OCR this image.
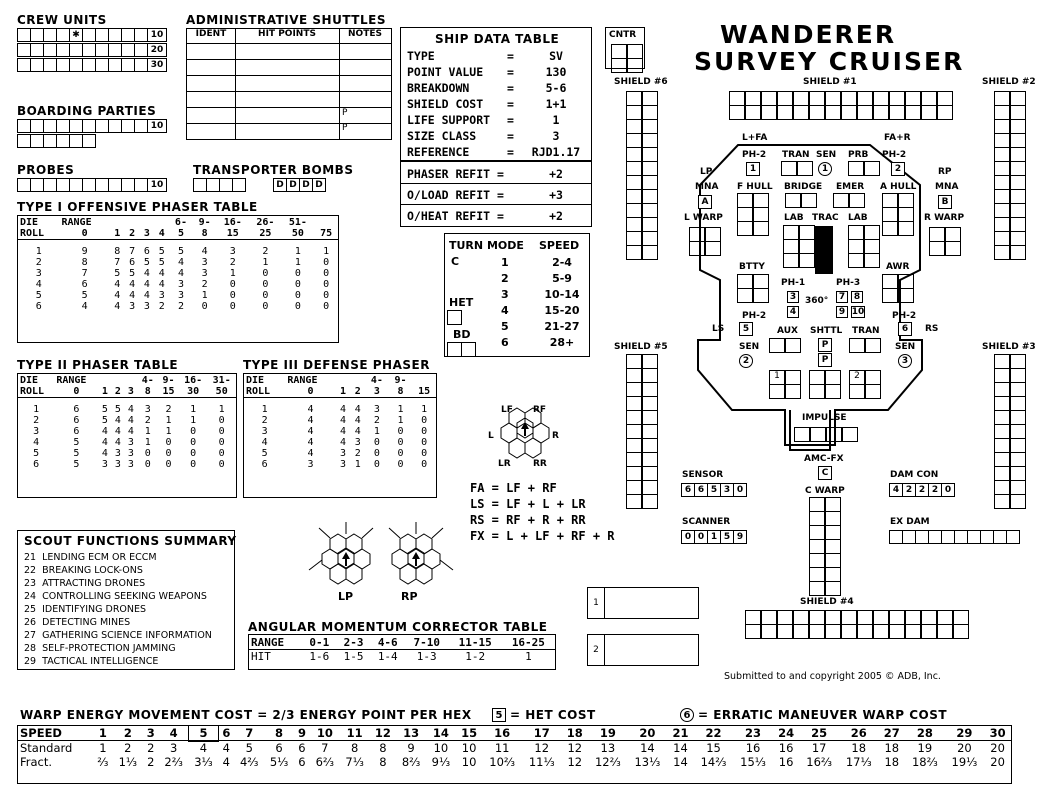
CREW UNITS
✱	10
20
30
BOARDING PARTIES
10
PROBES
10
TRANSPORTER BOMBS
D D D D
ADMINISTRATIVE SHUTTLES
IDENT	HIT POINTS	NOTES
P
P
SHIP DATA TABLE
TYPE	=	SV
POINT VALUE =	130
BREAKDOWN	=	5-6
SHIELD COST =	1+1
LIFE SUPPORT =	1
SIZE CLASS	=	3
REFERENCE	=	RJD1.17
PHASER REFIT =	+2
O/LOAD REFIT =	+3
O/HEAT REFIT =	+2
CNTR	WANDERER
SURVEY CRUISER
TYPE I OFFENSIVE PHASER TABLE
DIE	RANGE					6-	9-	16-	26-	51-	
ROLL	0	1	2	3	4	5	8	15	25	50	75

1	9	8	7	6	5	5	4	3	2	1	1
2	8	7	6	5	5	4	3	2	1	1	0
3	7	5	5	4	4	4	3	1	0	0	0
4	6	4	4	4	4	3	2	0	0	0	0
5	5	4	4	4	3	3	1	0	0	0	0
6	4	4	3	3	2	2	0	0	0	0	0
TYPE II PHASER TABLE
DIE	RANGE				4-	9-	16-	31-
ROLL	0	1	2	3	8	15	30	50

1	6	5	5	4	3	2	1	1
2	6	5	4	4	2	1	1	0
3	6	4	4	4	1	1	0	0
4	5	4	4	3	1	0	0	0
5	5	4	3	3	0	0	0	0
6	5	3	3	3	0	0	0	0
TYPE III DEFENSE PHASER
DIE	RANGE			4-	9-	
ROLL	0	1	2	3	8	15

1	4	4	4	3	1	1
2	4	4	4	2	1	0
3	4	4	4	1	0	0
4	4	4	3	0	0	0
5	4	3	2	0	0	0
6	3	3	1	0	0	0
TURN MODE SPEED
C
HET
BD
1	2-4
2	5-9
3	10-14
4	15-20
5	21-27
6	28+
LF RF
L	R
LR RR
FA = LF + RF
LS = LF + L + LR
RS = RF + R + RR
FX = L + LF + RF + R
LP	RP
SCOUT FUNCTIONS SUMMARY
21  LENDING ECM OR ECCM
22  BREAKING LOCK-ONS
23  ATTRACTING DRONES
24  CONTROLLING SEEKING WEAPONS
25  IDENTIFYING DRONES
26  DETECTING MINES
27  GATHERING SCIENCE INFORMATION
28  SELF-PROTECTION JAMMING
29  TACTICAL INTELLIGENCE
ANGULAR MOMENTUM CORRECTOR TABLE
RANGE	0-1	2-3	4-6	7-10	11-15	16-25
HIT	1-6	1-5	1-4	1-3	1-2	1
1
2
SHIELD #6	SHIELD #1	SHIELD #2
SHIELD #5	SHIELD #3
SHIELD #4
L+FA	FA+R
LP	RP
MNA
A
MNA
B
PH-2
1
TRAN SEN
1
PRB PH-2
2
F HULL BRIDGE EMER A HULL
L WARP	R WARP
LAB TRAC LAB
BTTY
PH-1	PH-3
AWR
360°
3
4
7 8
9 10
LS
PH-2
5	RS
PH-2
6
AUX SHTTL TRAN
P
P
SEN
2
SEN
3
IMPULSE
AMC-FX
C
C WARP
1	2
SENSOR
6 6 5 3 0
SCANNER
0 0 1 5 9
DAM CON
4 2 2 2 0
EX DAM
Submitted to and copyright 2005 © ADB, Inc.
WARP ENERGY MOVEMENT COST = 2/3 ENERGY POINT PER HEX	5 = HET COST	6 = ERRATIC MANEUVER WARP COST
SPEED	1	2	3	4	5	6	7	8	9	10	11	12	13	14	15	16	17	18	19	20	21	22	23	24	25	26	27	28	29	30
Standard	1	2	2	3	4	4	5	6	6	7	8	8	9	10	10	11	12	12	13	14	14	15	16	16	17	18	18	19	20	20
Fract.	⅔	1⅓	2	2⅔	3⅓	4	4⅔	5⅓	6	6⅔	7⅓	8	8⅔	9⅓	10	10⅔	11⅓	12	12⅔	13⅓	14	14⅔	15⅓	16	16⅔	17⅓	18	18⅔	19⅓	20
